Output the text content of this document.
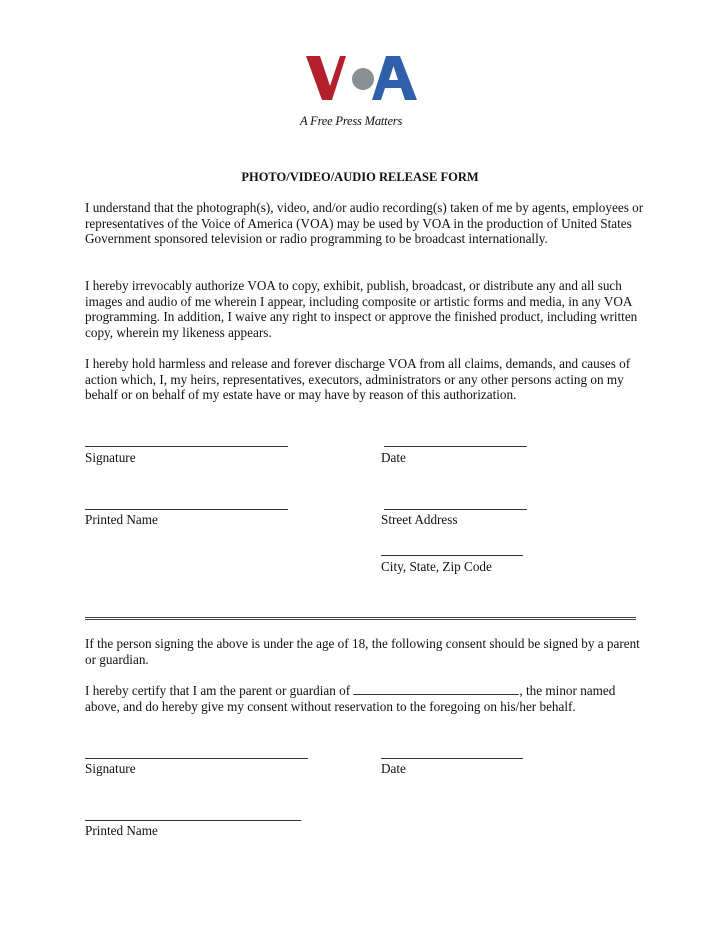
A Free Press Matters
PHOTO/VIDEO/AUDIO RELEASE FORM

I understand that the photograph(s), video, and/or audio recording(s) taken of me by agents, employees or representatives of the Voice of America (VOA) may be used by VOA in the production of United States Government sponsored television or radio programming to be broadcast internationally.

I hereby irrevocably authorize VOA to copy, exhibit, publish, broadcast, or distribute any and all such images and audio of me wherein I appear, including composite or artistic forms and media, in any VOA programming. In addition, I waive any right to inspect or approve the finished product, including written copy, wherein my likeness appears.

I hereby hold harmless and release and forever discharge VOA from all claims, demands, and causes of action which, I, my heirs, representatives, executors, administrators or any other persons acting on my behalf or on behalf of my estate have or may have by reason of this authorization.

Signature	Date
Printed Name	Street Address
City, State, Zip Code

If the person signing the above is under the age of 18, the following consent should be signed by a parent or guardian.

I hereby certify that I am the parent or guardian of	, the minor named above, and do hereby give my consent without reservation to the foregoing on his/her behalf.

Signature	Date
Printed Name
